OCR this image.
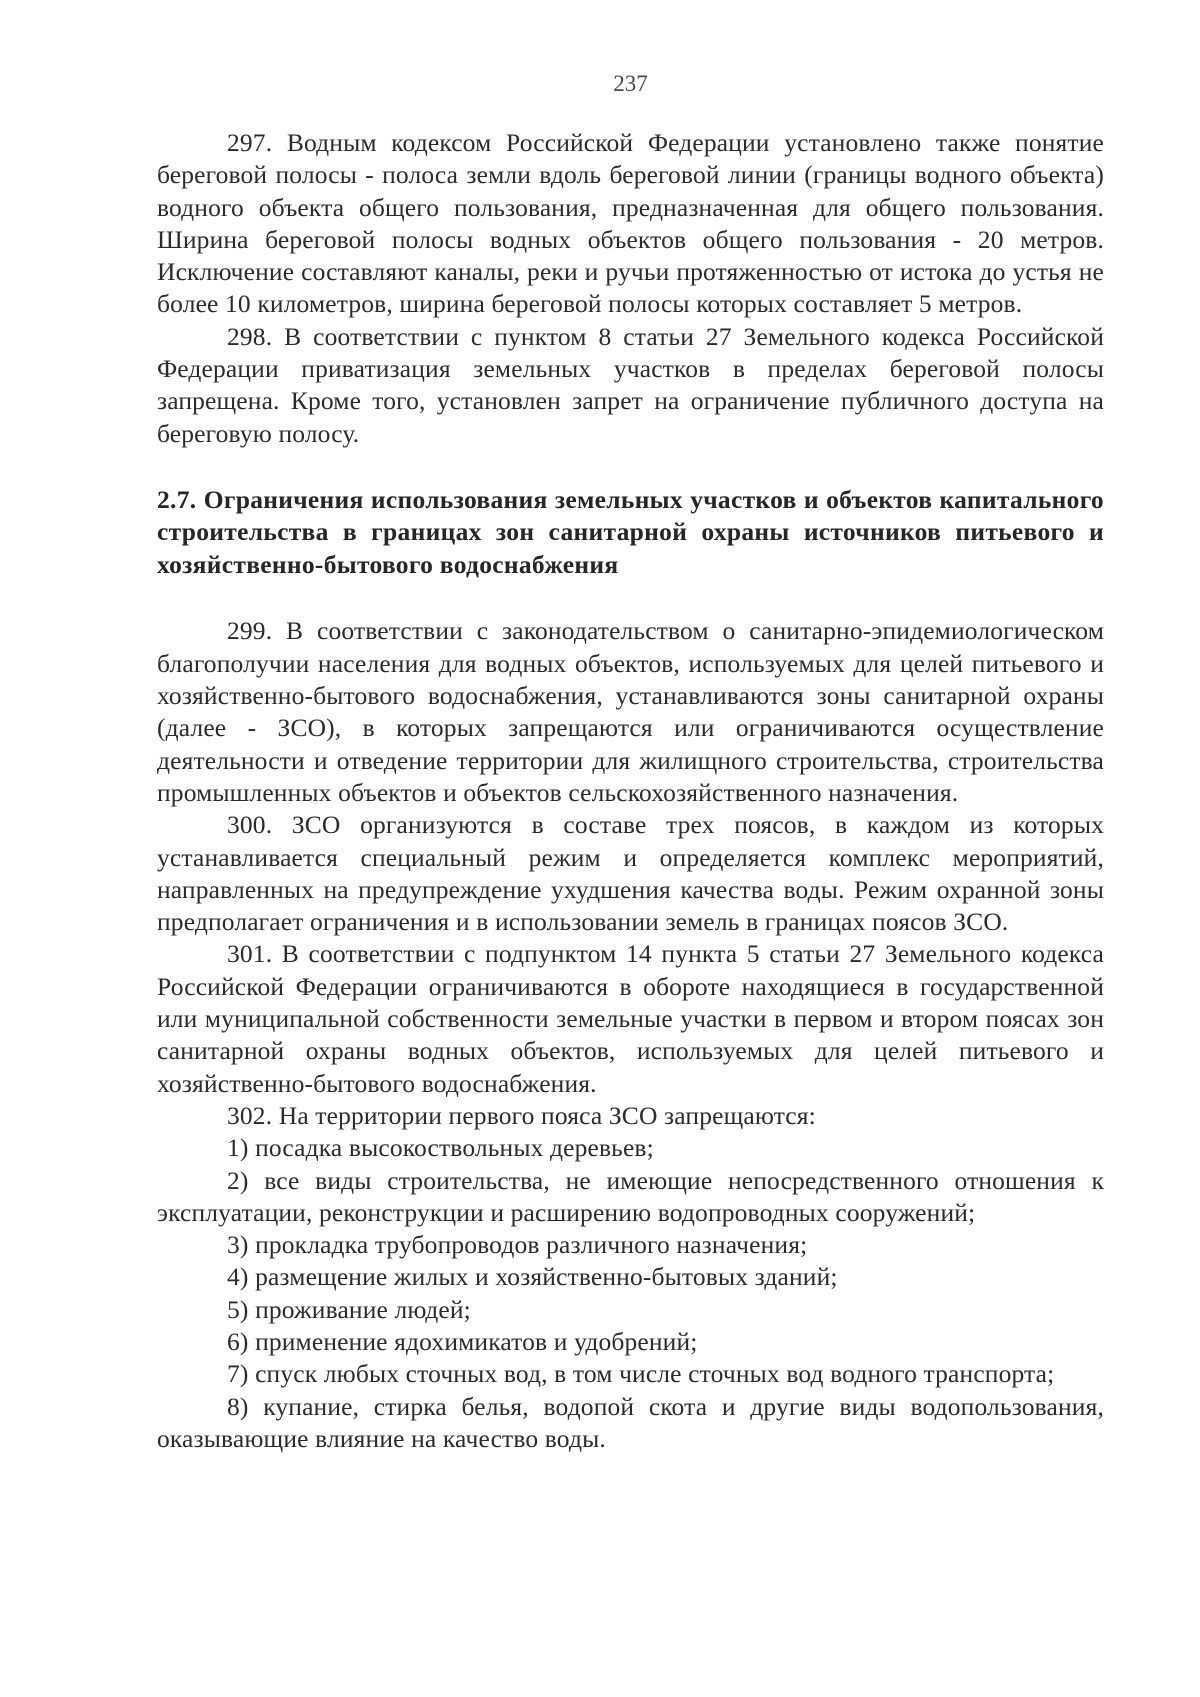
237

297. Водным кодексом Российской Федерации установлено также понятие береговой полосы - полоса земли вдоль береговой линии (границы водного объекта) водного объекта общего пользования, предназначенная для общего пользования. Ширина береговой полосы водных объектов общего пользования - 20 метров. Исключение составляют каналы, реки и ручьи протяженностью от истока до устья не более 10 километров, ширина береговой полосы которых составляет 5 метров.

298. В соответствии с пунктом 8 статьи 27 Земельного кодекса Российской Федерации приватизация земельных участков в пределах береговой полосы запрещена. Кроме того, установлен запрет на ограничение публичного доступа на береговую полосу.

2.7. Ограничения использования земельных участков и объектов капитального строительства в границах зон санитарной охраны источников питьевого и хозяйственно-бытового водоснабжения

299. В соответствии с законодательством о санитарно-эпидемиологическом благополучии населения для водных объектов, используемых для целей питьевого и хозяйственно-бытового водоснабжения, устанавливаются зоны санитарной охраны (далее - ЗСО), в которых запрещаются или ограничиваются осуществление деятельности и отведение территории для жилищного строительства, строительства промышленных объектов и объектов сельскохозяйственного назначения.

300. ЗСО организуются в составе трех поясов, в каждом из которых устанавливается специальный режим и определяется комплекс мероприятий, направленных на предупреждение ухудшения качества воды. Режим охранной зоны предполагает ограничения и в использовании земель в границах поясов ЗСО.

301. В соответствии с подпунктом 14 пункта 5 статьи 27 Земельного кодекса Российской Федерации ограничиваются в обороте находящиеся в государственной или муниципальной собственности земельные участки в первом и втором поясах зон санитарной охраны водных объектов, используемых для целей питьевого и хозяйственно-бытового водоснабжения.

302. На территории первого пояса ЗСО запрещаются:

1) посадка высокоствольных деревьев;

2) все виды строительства, не имеющие непосредственного отношения к эксплуатации, реконструкции и расширению водопроводных сооружений;

3) прокладка трубопроводов различного назначения;

4) размещение жилых и хозяйственно-бытовых зданий;

5) проживание людей;

6) применение ядохимикатов и удобрений;

7) спуск любых сточных вод, в том числе сточных вод водного транспорта;

8) купание, стирка белья, водопой скота и другие виды водопользования, оказывающие влияние на качество воды.
